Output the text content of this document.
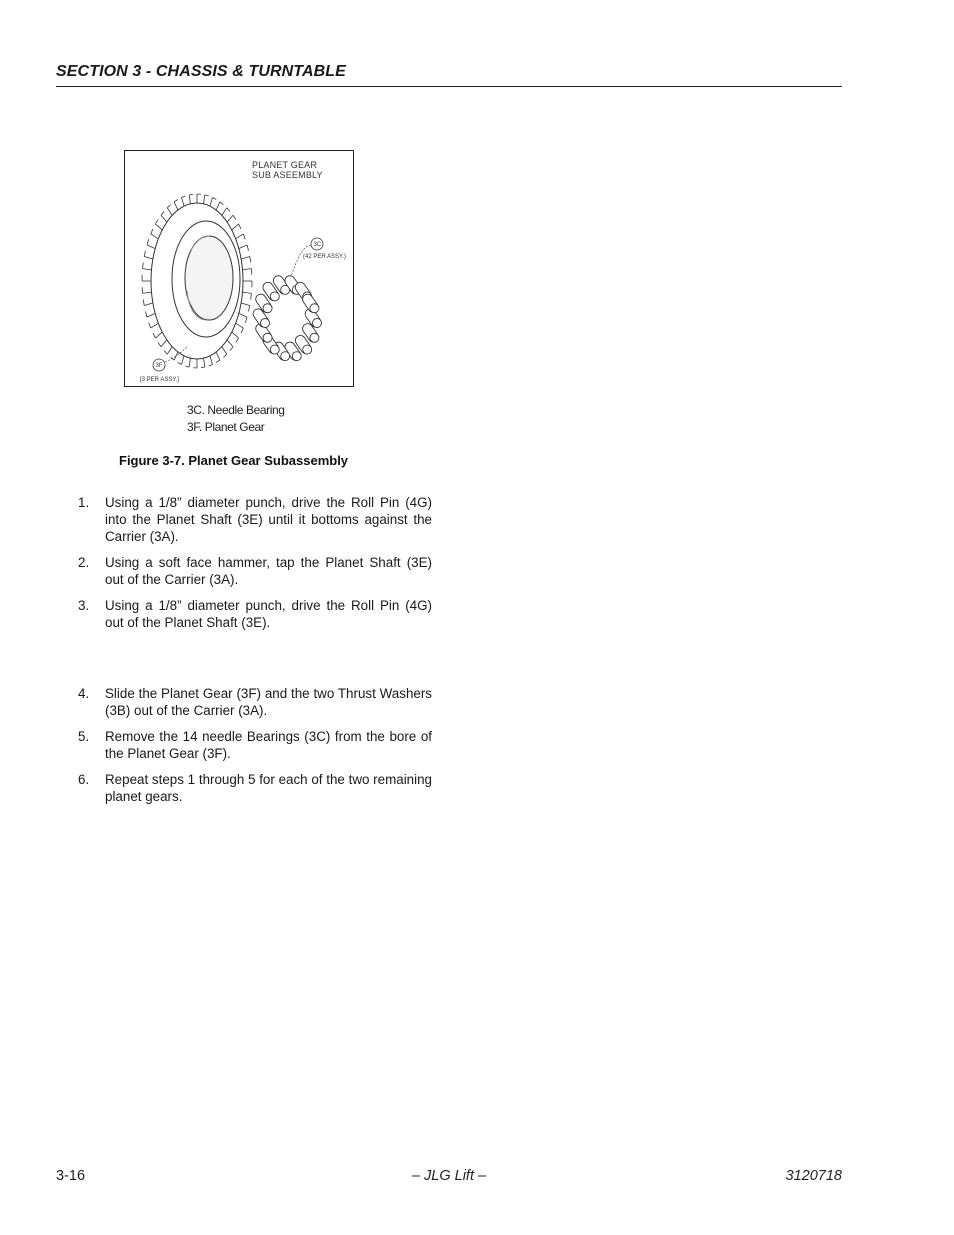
SECTION 3 - CHASSIS & TURNTABLE
PLANET GEAR
SUB ASEEMBLY
3C
(42 PER ASSY.)
3F
[3 PER ASSY.]
3C. Needle Bearing
3F. Planet Gear
Figure 3-7. Planet Gear Subassembly
1. Using a 1/8” diameter punch, drive the Roll Pin (4G) into the Planet Shaft (3E) until it bottoms against the Carrier (3A).
2. Using a soft face hammer, tap the Planet Shaft (3E) out of the Carrier (3A).
3. Using a 1/8” diameter punch, drive the Roll Pin (4G) out of the Planet Shaft (3E).
4. Slide the Planet Gear (3F) and the two Thrust Washers (3B) out of the Carrier (3A).
5. Remove the 14 needle Bearings (3C) from the bore of the Planet Gear (3F).
6. Repeat steps 1 through 5 for each of the two remaining planet gears.
3-16	– JLG Lift –	3120718
